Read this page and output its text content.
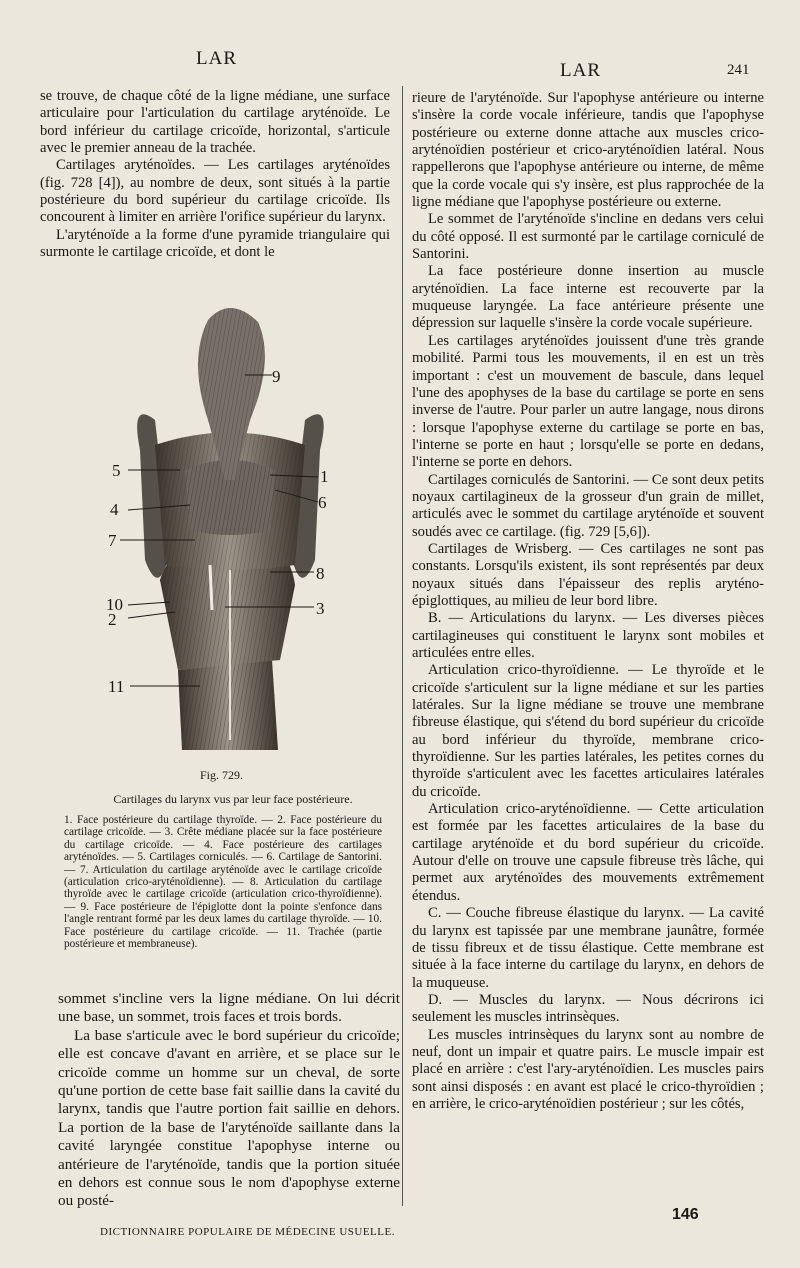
LAR
LAR	241

se trouve, de chaque côté de la ligne médiane, une surface articulaire pour l'articulation du cartilage aryténoïde. Le bord inférieur du cartilage cricoïde, horizontal, s'articule avec le premier anneau de la trachée.

Cartilages aryténoïdes. — Les cartilages aryténoïdes (fig. 728 [4]), au nombre de deux, sont situés à la partie postérieure du bord supérieur du cartilage cricoïde. Ils concourent à limiter en arrière l'orifice supérieur du larynx.

L'aryténoïde a la forme d'une pyramide triangulaire qui surmonte le cartilage cricoïde, et dont le

9
5	1
6
4
7
8
10
2
3
11
Fig. 729.
Cartilages du larynx vus par leur face postérieure.
1. Face postérieure du cartilage thyroïde. — 2. Face postérieure du cartilage cricoïde. — 3. Crête médiane placée sur la face postérieure du cartilage cricoïde. — 4. Face postérieure des cartilages aryténoïdes. — 5. Cartilages corniculés. — 6. Cartilage de Santorini. — 7. Articulation du cartilage aryténoïde avec le cartilage cricoïde (articulation crico-aryténoïdienne). — 8. Articulation du cartilage thyroïde avec le cartilage cricoïde (articulation crico-thyroïdienne). — 9. Face postérieure de l'épiglotte dont la pointe s'enfonce dans l'angle rentrant formé par les deux lames du cartilage thyroïde. — 10. Face postérieure du cartilage cricoïde. — 11. Trachée (partie postérieure et membraneuse).

sommet s'incline vers la ligne médiane. On lui décrit une base, un sommet, trois faces et trois bords.

La base s'articule avec le bord supérieur du cricoïde; elle est concave d'avant en arrière, et se place sur le cricoïde comme un homme sur un cheval, de sorte qu'une portion de cette base fait saillie dans la cavité du larynx, tandis que l'autre portion fait saillie en dehors. La portion de la base de l'aryténoïde saillante dans la cavité laryngée constitue l'apophyse interne ou antérieure de l'aryténoïde, tandis que la portion située en dehors est connue sous le nom d'apophyse externe ou posté-

rieure de l'aryténoïde. Sur l'apophyse antérieure ou interne s'insère la corde vocale inférieure, tandis que l'apophyse postérieure ou externe donne attache aux muscles crico-aryténoïdien postérieur et crico-aryténoïdien latéral. Nous rappellerons que l'apophyse antérieure ou interne, de même que la corde vocale qui s'y insère, est plus rapprochée de la ligne médiane que l'apophyse postérieure ou externe.

Le sommet de l'aryténoïde s'incline en dedans vers celui du côté opposé. Il est surmonté par le cartilage corniculé de Santorini.

La face postérieure donne insertion au muscle aryténoïdien. La face interne est recouverte par la muqueuse laryngée. La face antérieure présente une dépression sur laquelle s'insère la corde vocale supérieure.

Les cartilages aryténoïdes jouissent d'une très grande mobilité. Parmi tous les mouvements, il en est un très important : c'est un mouvement de bascule, dans lequel l'une des apophyses de la base du cartilage se porte en sens inverse de l'autre. Pour parler un autre langage, nous dirons : lorsque l'apophyse externe du cartilage se porte en bas, l'interne se porte en haut ; lorsqu'elle se porte en dedans, l'interne se porte en dehors.

Cartilages corniculés de Santorini. — Ce sont deux petits noyaux cartilagineux de la grosseur d'un grain de millet, articulés avec le sommet du cartilage aryténoïde et souvent soudés avec ce cartilage. (fig. 729 [5,6]).

Cartilages de Wrisberg. — Ces cartilages ne sont pas constants. Lorsqu'ils existent, ils sont représentés par deux noyaux situés dans l'épaisseur des replis aryténo-épiglottiques, au milieu de leur bord libre.

B. — Articulations du larynx. — Les diverses pièces cartilagineuses qui constituent le larynx sont mobiles et articulées entre elles.

Articulation crico-thyroïdienne. — Le thyroïde et le cricoïde s'articulent sur la ligne médiane et sur les parties latérales. Sur la ligne médiane se trouve une membrane fibreuse élastique, qui s'étend du bord supérieur du cricoïde au bord inférieur du thyroïde, membrane crico-thyroïdienne. Sur les parties latérales, les petites cornes du thyroïde s'articulent avec les facettes articulaires latérales du cricoïde.

Articulation crico-aryténoïdienne. — Cette articulation est formée par les facettes articulaires de la base du cartilage aryténoïde et du bord supérieur du cricoïde. Autour d'elle on trouve une capsule fibreuse très lâche, qui permet aux aryténoïdes des mouvements extrêmement étendus.

C. — Couche fibreuse élastique du larynx. — La cavité du larynx est tapissée par une membrane jaunâtre, formée de tissu fibreux et de tissu élastique. Cette membrane est située à la face interne du cartilage du larynx, en dehors de la muqueuse.

D. — Muscles du larynx. — Nous décrirons ici seulement les muscles intrinsèques.

Les muscles intrinsèques du larynx sont au nombre de neuf, dont un impair et quatre pairs. Le muscle impair est placé en arrière : c'est l'ary-aryténoïdien. Les muscles pairs sont ainsi disposés : en avant est placé le crico-thyroïdien ; en arrière, le crico-aryténoïdien postérieur ; sur les côtés,

146
DICTIONNAIRE POPULAIRE DE MÉDECINE USUELLE.
